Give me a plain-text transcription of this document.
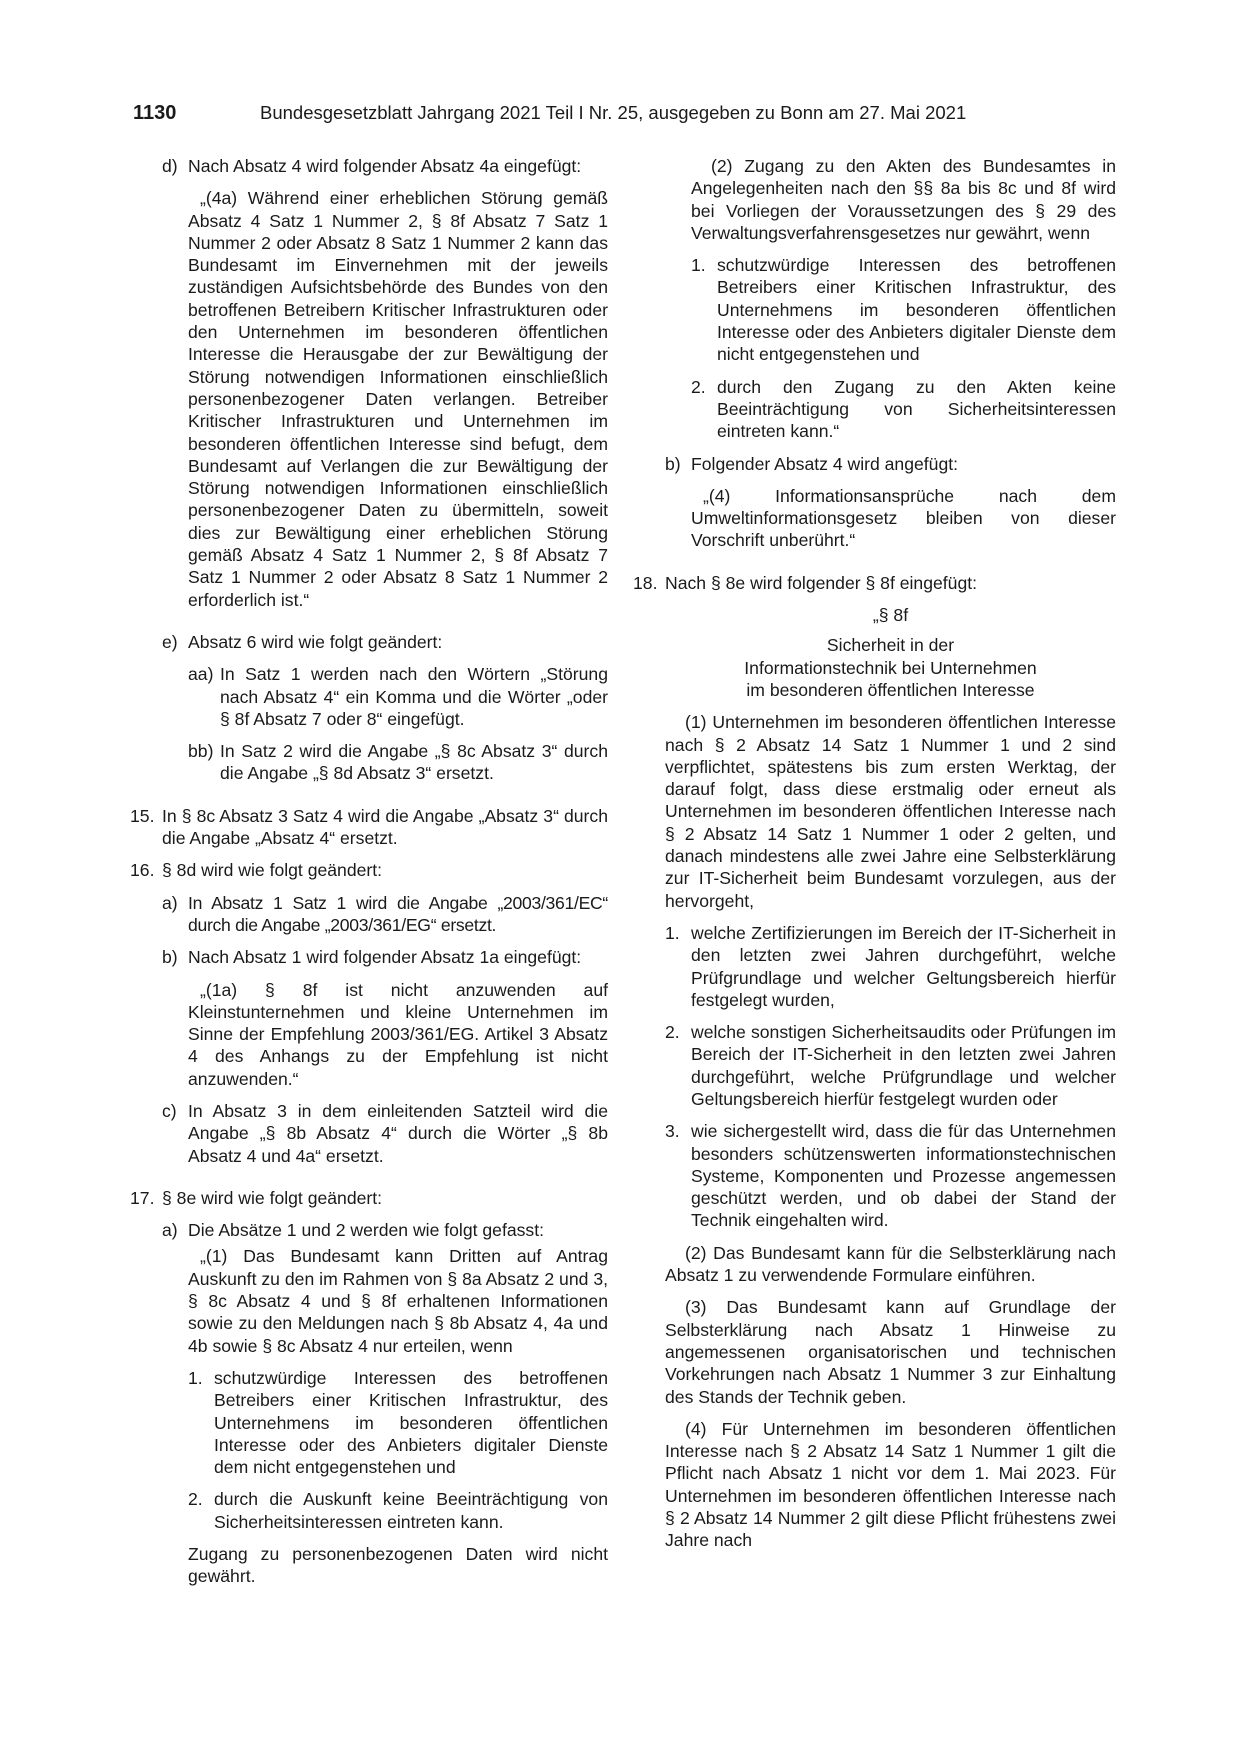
1130	Bundesgesetzblatt Jahrgang 2021 Teil I Nr. 25, ausgegeben zu Bonn am 27. Mai 2021
d) Nach Absatz 4 wird folgender Absatz 4a eingefügt:
„(4a) Während einer erheblichen Störung gemäß Absatz 4 Satz 1 Nummer 2, § 8f Absatz 7 Satz 1 Nummer 2 oder Absatz 8 Satz 1 Nummer 2 kann das Bundesamt im Einvernehmen mit der jeweils zuständigen Aufsichtsbehörde des Bundes von den betroffenen Betreibern Kritischer Infrastrukturen oder den Unternehmen im besonderen öffentlichen Interesse die Herausgabe der zur Bewältigung der Störung notwendigen Informationen einschließlich personenbezogener Daten verlangen. Betreiber Kritischer Infrastrukturen und Unternehmen im besonderen öffentlichen Interesse sind befugt, dem Bundesamt auf Verlangen die zur Bewältigung der Störung notwendigen Informationen einschließlich personenbezogener Daten zu übermitteln, soweit dies zur Bewältigung einer erheblichen Störung gemäß Absatz 4 Satz 1 Nummer 2, § 8f Absatz 7 Satz 1 Nummer 2 oder Absatz 8 Satz 1 Nummer 2 erforderlich ist.“
e) Absatz 6 wird wie folgt geändert:
aa) In Satz 1 werden nach den Wörtern „Störung nach Absatz 4“ ein Komma und die Wörter „oder § 8f Absatz 7 oder 8“ eingefügt.
bb) In Satz 2 wird die Angabe „§ 8c Absatz 3“ durch die Angabe „§ 8d Absatz 3“ ersetzt.
15. In § 8c Absatz 3 Satz 4 wird die Angabe „Absatz 3“ durch die Angabe „Absatz 4“ ersetzt.
16. § 8d wird wie folgt geändert:
a) In Absatz 1 Satz 1 wird die Angabe „2003/361/EC“ durch die Angabe „2003/361/EG“ ersetzt.
b) Nach Absatz 1 wird folgender Absatz 1a eingefügt:
„(1a) § 8f ist nicht anzuwenden auf Kleinstunternehmen und kleine Unternehmen im Sinne der Empfehlung 2003/361/EG. Artikel 3 Absatz 4 des Anhangs zu der Empfehlung ist nicht anzuwenden.“
c) In Absatz 3 in dem einleitenden Satzteil wird die Angabe „§ 8b Absatz 4“ durch die Wörter „§ 8b Absatz 4 und 4a“ ersetzt.
17. § 8e wird wie folgt geändert:
a) Die Absätze 1 und 2 werden wie folgt gefasst:
„(1) Das Bundesamt kann Dritten auf Antrag Auskunft zu den im Rahmen von § 8a Absatz 2 und 3, § 8c Absatz 4 und § 8f erhaltenen Informationen sowie zu den Meldungen nach § 8b Absatz 4, 4a und 4b sowie § 8c Absatz 4 nur erteilen, wenn
1. schutzwürdige Interessen des betroffenen Betreibers einer Kritischen Infrastruktur, des Unternehmens im besonderen öffentlichen Interesse oder des Anbieters digitaler Dienste dem nicht entgegenstehen und
2. durch die Auskunft keine Beeinträchtigung von Sicherheitsinteressen eintreten kann.
Zugang zu personenbezogenen Daten wird nicht gewährt.
(2) Zugang zu den Akten des Bundesamtes in Angelegenheiten nach den §§ 8a bis 8c und 8f wird bei Vorliegen der Voraussetzungen des § 29 des Verwaltungsverfahrensgesetzes nur gewährt, wenn
1. schutzwürdige Interessen des betroffenen Betreibers einer Kritischen Infrastruktur, des Unternehmens im besonderen öffentlichen Interesse oder des Anbieters digitaler Dienste dem nicht entgegenstehen und
2. durch den Zugang zu den Akten keine Beeinträchtigung von Sicherheitsinteressen eintreten kann.“
b) Folgender Absatz 4 wird angefügt:
„(4) Informationsansprüche nach dem Umweltinformationsgesetz bleiben von dieser Vorschrift unberührt.“
18. Nach § 8e wird folgender § 8f eingefügt:
„§ 8f
Sicherheit in der
Informationstechnik bei Unternehmen
im besonderen öffentlichen Interesse
(1) Unternehmen im besonderen öffentlichen Interesse nach § 2 Absatz 14 Satz 1 Nummer 1 und 2 sind verpflichtet, spätestens bis zum ersten Werktag, der darauf folgt, dass diese erstmalig oder erneut als Unternehmen im besonderen öffentlichen Interesse nach § 2 Absatz 14 Satz 1 Nummer 1 oder 2 gelten, und danach mindestens alle zwei Jahre eine Selbsterklärung zur IT-Sicherheit beim Bundesamt vorzulegen, aus der hervorgeht,
1. welche Zertifizierungen im Bereich der IT-Sicherheit in den letzten zwei Jahren durchgeführt, welche Prüfgrundlage und welcher Geltungsbereich hierfür festgelegt wurden,
2. welche sonstigen Sicherheitsaudits oder Prüfungen im Bereich der IT-Sicherheit in den letzten zwei Jahren durchgeführt, welche Prüfgrundlage und welcher Geltungsbereich hierfür festgelegt wurden oder
3. wie sichergestellt wird, dass die für das Unternehmen besonders schützenswerten informationstechnischen Systeme, Komponenten und Prozesse angemessen geschützt werden, und ob dabei der Stand der Technik eingehalten wird.
(2) Das Bundesamt kann für die Selbsterklärung nach Absatz 1 zu verwendende Formulare einführen.
(3) Das Bundesamt kann auf Grundlage der Selbsterklärung nach Absatz 1 Hinweise zu angemessenen organisatorischen und technischen Vorkehrungen nach Absatz 1 Nummer 3 zur Einhaltung des Stands der Technik geben.
(4) Für Unternehmen im besonderen öffentlichen Interesse nach § 2 Absatz 14 Satz 1 Nummer 1 gilt die Pflicht nach Absatz 1 nicht vor dem 1. Mai 2023. Für Unternehmen im besonderen öffentlichen Interesse nach § 2 Absatz 14 Nummer 2 gilt diese Pflicht frühestens zwei Jahre nach
